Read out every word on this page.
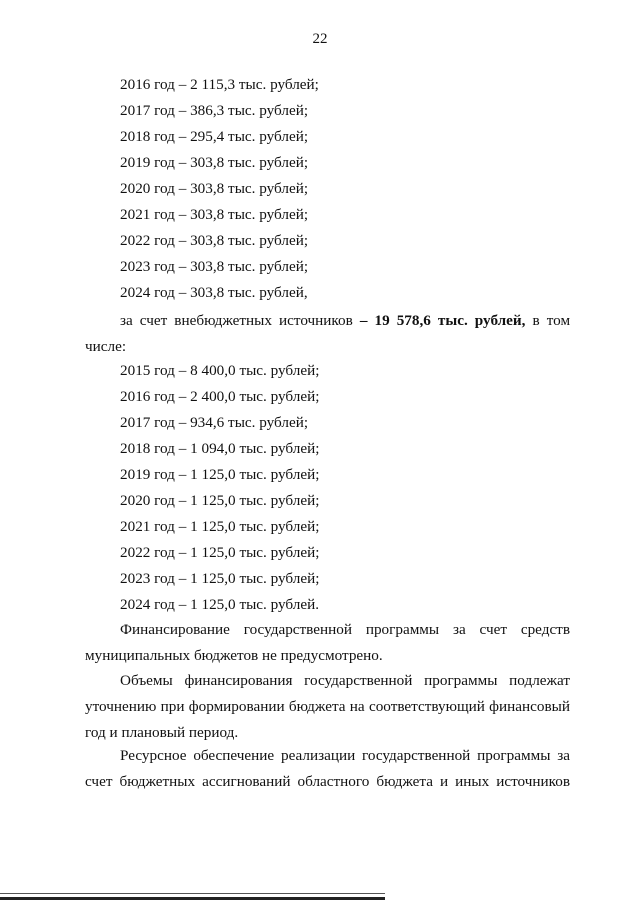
22
2016 год – 2 115,3 тыс. рублей;
2017 год – 386,3 тыс. рублей;
2018 год – 295,4 тыс. рублей;
2019 год – 303,8 тыс. рублей;
2020 год – 303,8 тыс. рублей;
2021 год – 303,8 тыс. рублей;
2022 год – 303,8 тыс. рублей;
2023 год – 303,8 тыс. рублей;
2024 год – 303,8 тыс. рублей,
за счет внебюджетных источников – 19 578,6 тыс. рублей, в том
числе:
2015 год – 8 400,0 тыс. рублей;
2016 год – 2 400,0 тыс. рублей;
2017 год – 934,6 тыс. рублей;
2018 год – 1 094,0 тыс. рублей;
2019 год – 1 125,0 тыс. рублей;
2020 год – 1 125,0 тыс. рублей;
2021 год – 1 125,0 тыс. рублей;
2022 год – 1 125,0 тыс. рублей;
2023 год – 1 125,0 тыс. рублей;
2024 год – 1 125,0 тыс. рублей.
Финансирование государственной программы за счет средств
муниципальных бюджетов не предусмотрено.
Объемы финансирования государственной программы подлежат
уточнению при формировании бюджета на соответствующий финансовый
год и плановый период.
Ресурсное обеспечение реализации государственной программы за
счет бюджетных ассигнований областного бюджета и иных источников
